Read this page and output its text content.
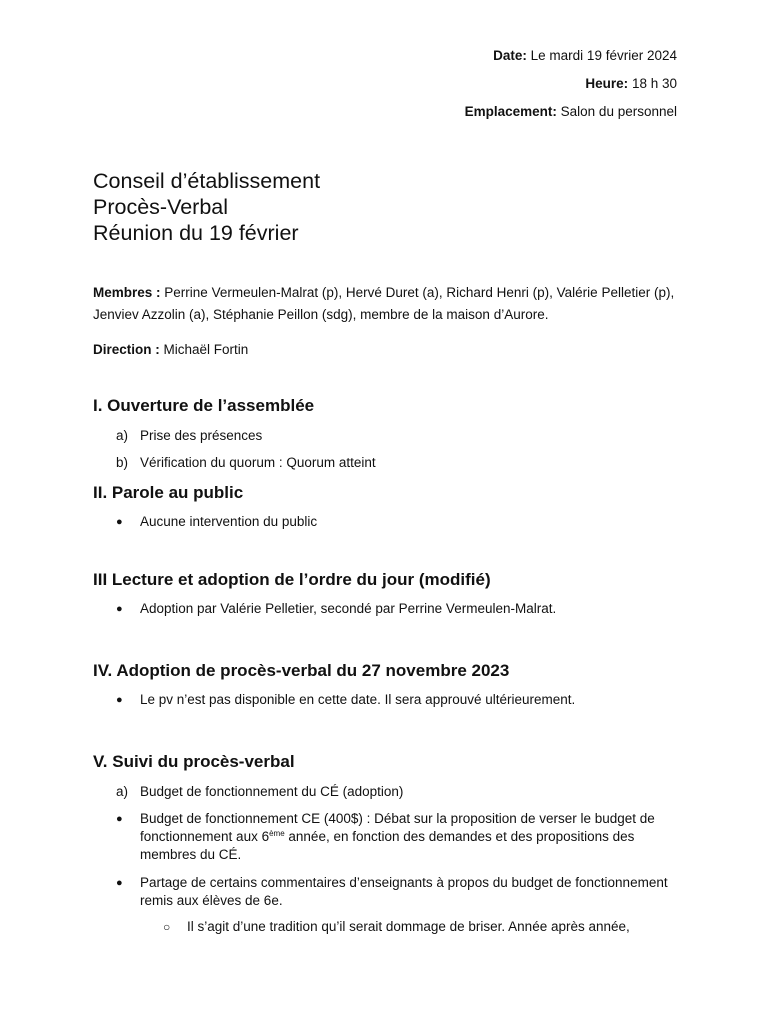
Date: Le mardi 19 février 2024
Heure: 18 h 30
Emplacement: Salon du personnel
Conseil d’établissement
Procès-Verbal
Réunion du 19 février
Membres : Perrine Vermeulen-Malrat (p), Hervé Duret (a), Richard Henri (p), Valérie Pelletier (p), Jenviev Azzolin (a), Stéphanie Peillon (sdg), membre de la maison d’Aurore.
Direction : Michaël Fortin
I. Ouverture de l’assemblée
a) Prise des présences
b) Vérification du quorum : Quorum atteint
II. Parole au public
● Aucune intervention du public
III Lecture et adoption de l’ordre du jour (modifié)
● Adoption par Valérie Pelletier, secondé par Perrine Vermeulen-Malrat.
IV. Adoption de procès-verbal du 27 novembre 2023
● Le pv n’est pas disponible en cette date. Il sera approuvé ultérieurement.
V. Suivi du procès-verbal
a) Budget de fonctionnement du CÉ (adoption)
● Budget de fonctionnement CE (400$) : Débat sur la proposition de verser le budget de fonctionnement aux 6ème année, en fonction des demandes et des propositions des membres du CÉ.
● Partage de certains commentaires d’enseignants à propos du budget de fonctionnement remis aux élèves de 6e.
○ Il s’agit d’une tradition qu’il serait dommage de briser. Année après année,
